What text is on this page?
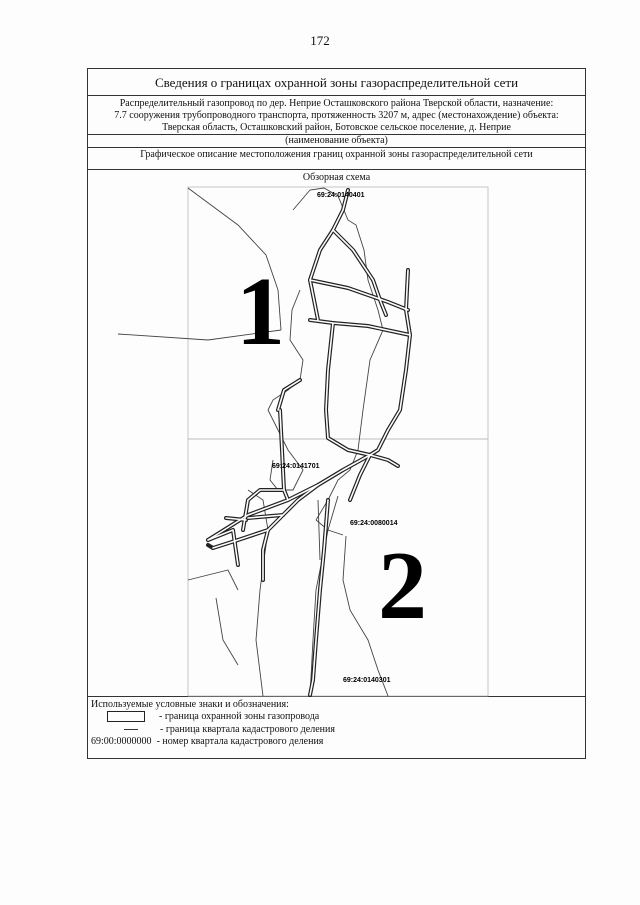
172
Сведения о границах охранной зоны газораспределительной сети
Распределительный газопровод по дер. Неприе Осташковского района Тверской области, назначение:
7.7 сооружения трубопроводного транспорта, протяженность 3207 м, адрес (местонахождение) объекта:
Тверская область, Осташковский район, Ботовское сельское поселение, д. Неприе
(наименование объекта)
Графическое описание местоположения границ охранной зоны газораспределительной сети
Обзорная схема
1
2
69:24:0140401
69:24:0141701
69:24:0080014
69:24:0140301
Используемые условные знаки и обозначения:
- граница охранной зоны газопровода
- граница квартала кадастрового деления
69:00:0000000 - номер квартала кадастрового деления
